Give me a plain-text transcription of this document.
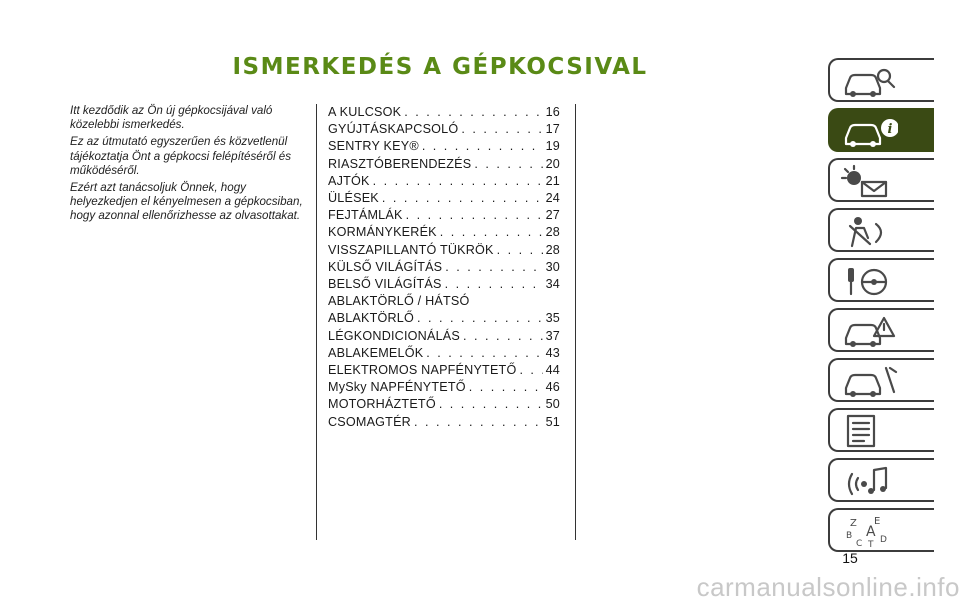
ISMERKEDÉS A GÉPKOCSIVAL

Itt kezdődik az Ön új gépkocsijával való közelebbi ismerkedés.

Ez az útmutató egyszerűen és közvetlenül tájékoztatja Önt a gépkocsi felépítéséről és működéséről.

Ezért azt tanácsoljuk Önnek, hogy helyezkedjen el kényelmesen a gépkocsiban, hogy azonnal ellenőrizhesse az olvasottakat.

A KULCSOK . . .	16
GYÚJTÁSKAPCSOLÓ . . .	17
SENTRY KEY® . . .	19
RIASZTÓBERENDEZÉS . . .	20
AJTÓK . . .	21
ÜLÉSEK . . .	24
FEJTÁMLÁK . . .	27
KORMÁNYKERÉK . . .	28
VISSZAPILLANTÓ TÜKRÖK . . .	28
KÜLSŐ VILÁGÍTÁS . . .	30
BELSŐ VILÁGÍTÁS . . .	34
ABLAKTÖRLŐ / HÁTSÓ
ABLAKTÖRLŐ . . .	35
LÉGKONDICIONÁLÁS . . .	37
ABLAKEMELŐK . . .	43
ELEKTROMOS NAPFÉNYTETŐ . . . 44
MySky NAPFÉNYTETŐ . . .	46
MOTORHÁZTETŐ . . .	50
CSOMAGTÉR . . .	51
i
Z E
B A
C T D
15
carmanualsonline.info
